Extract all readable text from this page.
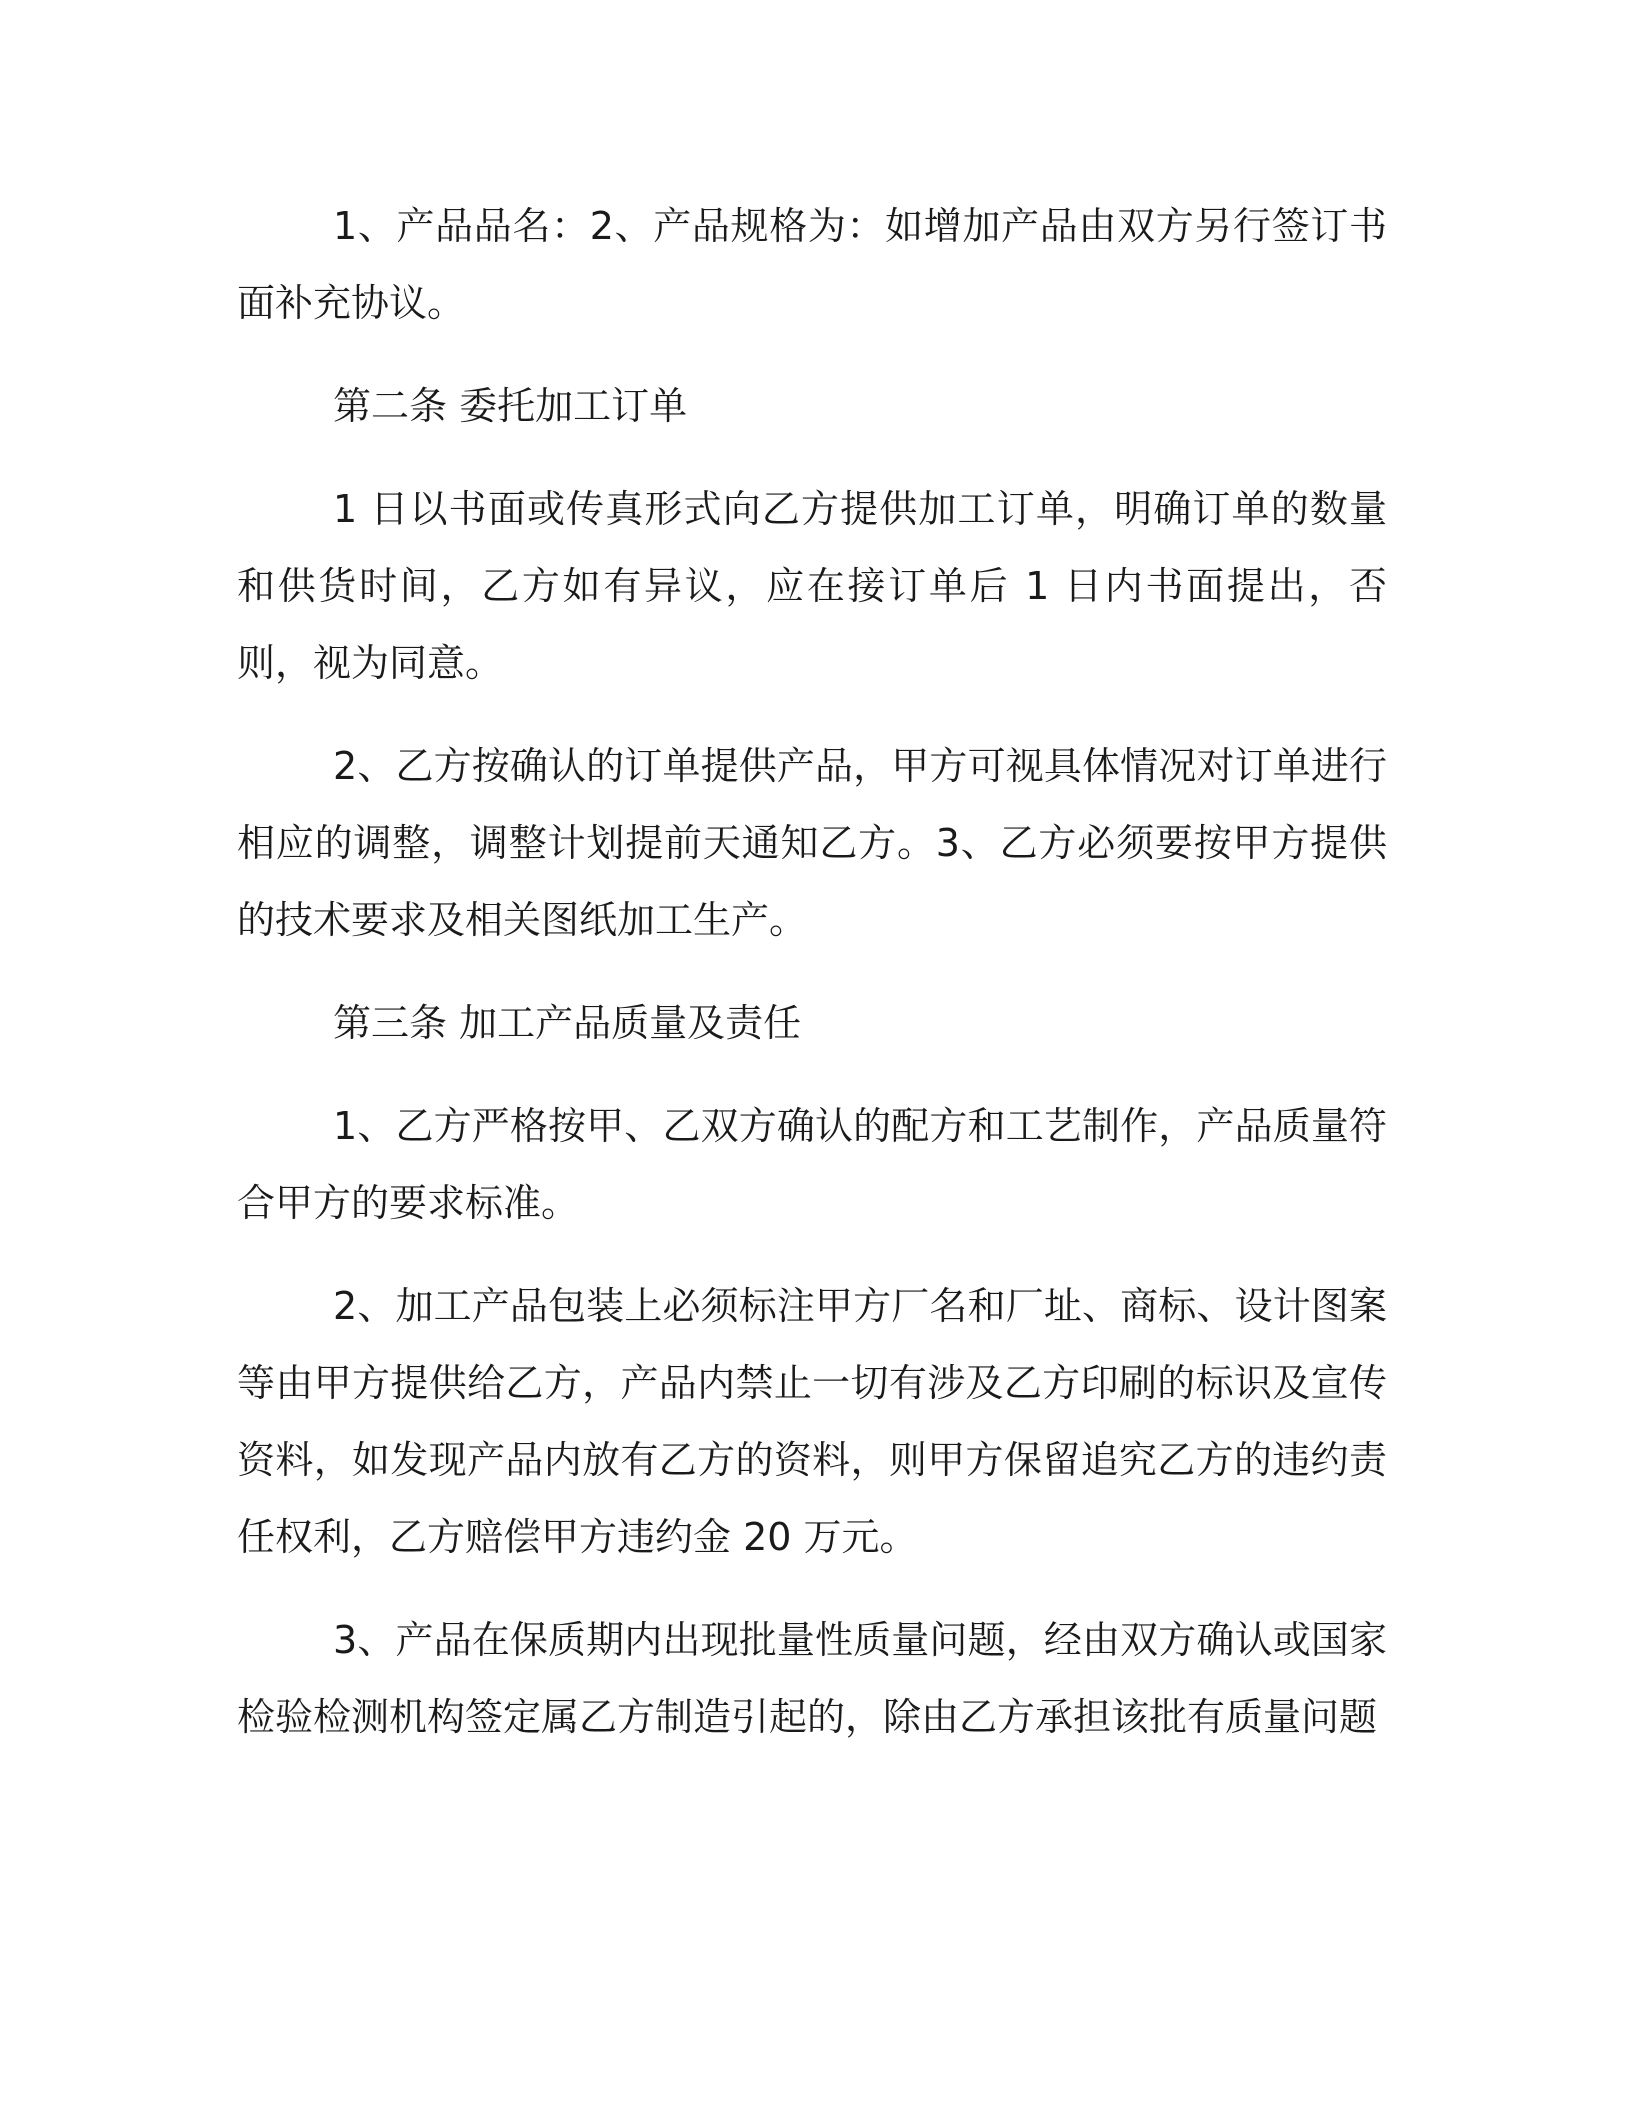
1、产品品名：2、产品规格为：如增加产品由双方另行签订书面补充协议。

第二条 委托加工订单

1 日以书面或传真形式向乙方提供加工订单，明确订单的数量和供货时间，乙方如有异议，应在接订单后 1 日内书面提出，否则，视为同意。

2、乙方按确认的订单提供产品，甲方可视具体情况对订单进行相应的调整，调整计划提前天通知乙方。3、乙方必须要按甲方提供的技术要求及相关图纸加工生产。

第三条 加工产品质量及责任

1、乙方严格按甲、乙双方确认的配方和工艺制作，产品质量符合甲方的要求标准。

2、加工产品包装上必须标注甲方厂名和厂址、商标、设计图案等由甲方提供给乙方，产品内禁止一切有涉及乙方印刷的标识及宣传资料，如发现产品内放有乙方的资料，则甲方保留追究乙方的违约责任权利，乙方赔偿甲方违约金 20 万元。

3、产品在保质期内出现批量性质量问题，经由双方确认或国家检验检测机构签定属乙方制造引起的，除由乙方承担该批有质量问题
